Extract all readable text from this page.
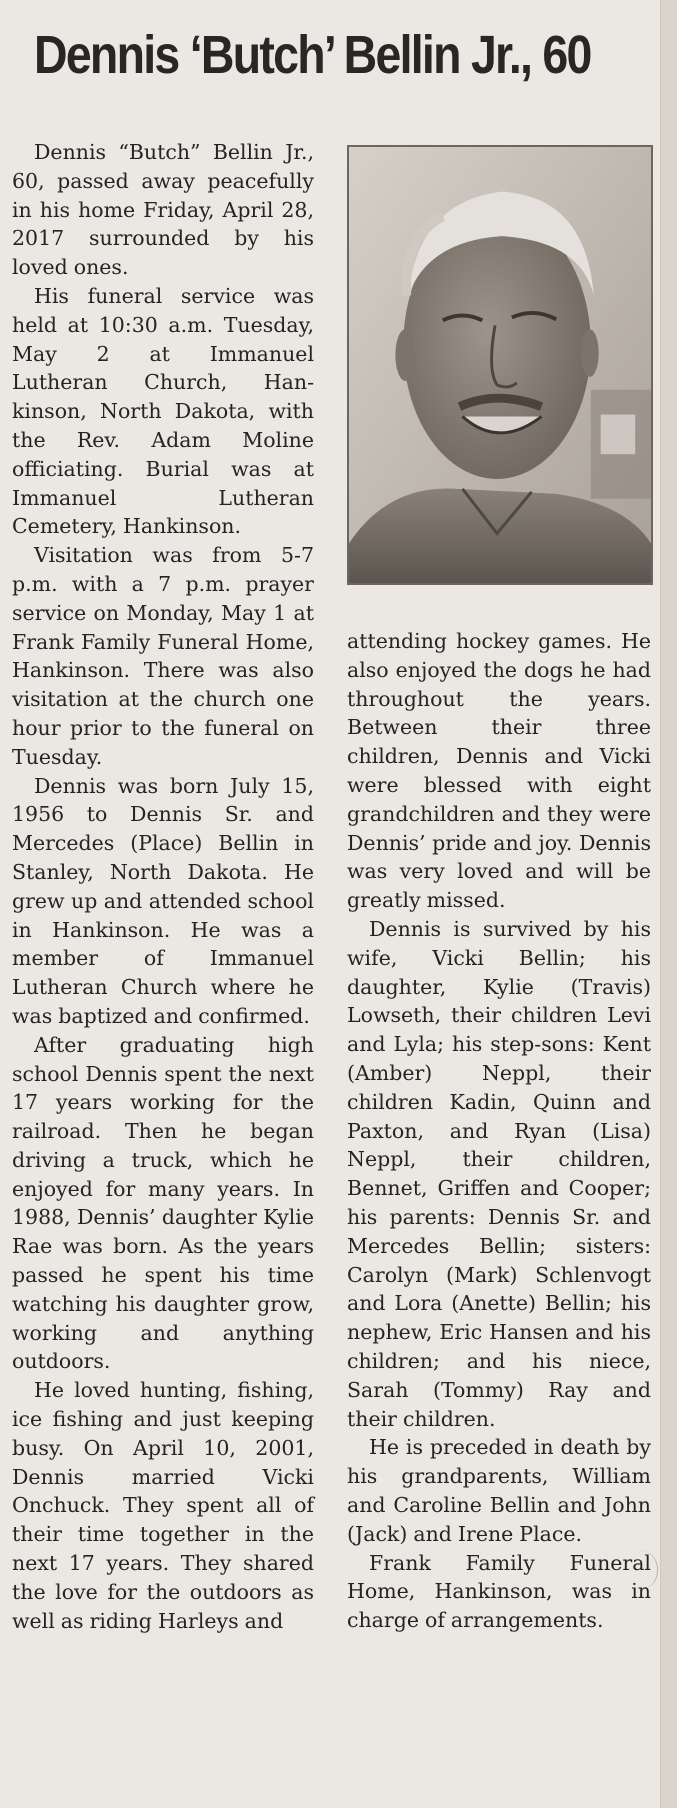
Dennis ‘Butch’ Bellin Jr., 60

Dennis “Butch” Bellin Jr., 60, passed away peacefully in his home Friday, April 28, 2017 surrounded by his loved ones.

His funeral service was held at 10:30 a.m. Tuesday, May 2 at Immanuel Lutheran Church, Hankinson, North Dakota, with the Rev. Adam Moline officiating. Burial was at Immanuel Lutheran Cemetery, Hankinson.

Visitation was from 5-7 p.m. with a 7 p.m. prayer service on Monday, May 1 at Frank Family Funeral Home, Hankinson. There was also visitation at the church one hour prior to the funeral on Tuesday.

Dennis was born July 15, 1956 to Dennis Sr. and Mercedes (Place) Bellin in Stanley, North Dakota. He grew up and attended school in Hankinson. He was a member of Immanuel Lutheran Church where he was baptized and confirmed.

After graduating high school Dennis spent the next 17 years working for the railroad. Then he began driving a truck, which he enjoyed for many years. In 1988, Dennis’ daughter Kylie Rae was born. As the years passed he spent his time watching his daughter grow, working and anything outdoors.

He loved hunting, fishing, ice fishing and just keeping busy. On April 10, 2001, Dennis married Vicki Onchuck. They spent all of their time together in the next 17 years. They shared the love for the outdoors as well as riding Harleys and

attending hockey games. He also enjoyed the dogs he had throughout the years. Between their three children, Dennis and Vicki were blessed with eight grandchildren and they were Dennis’ pride and joy. Dennis was very loved and will be greatly missed.

Dennis is survived by his wife, Vicki Bellin; his daughter, Kylie (Travis) Lowseth, their children Levi and Lyla; his step-sons: Kent (Amber) Neppl, their children Kadin, Quinn and Paxton, and Ryan (Lisa) Neppl, their children, Bennet, Griffen and Cooper; his parents: Dennis Sr. and Mercedes Bellin; sisters: Carolyn (Mark) Schlenvogt and Lora (Anette) Bellin; his nephew, Eric Hansen and his children; and his niece, Sarah (Tommy) Ray and their children.

He is preceded in death by his grandparents, William and Caroline Bellin and John (Jack) and Irene Place.

Frank Family Funeral Home, Hankinson, was in charge of arrangements.
